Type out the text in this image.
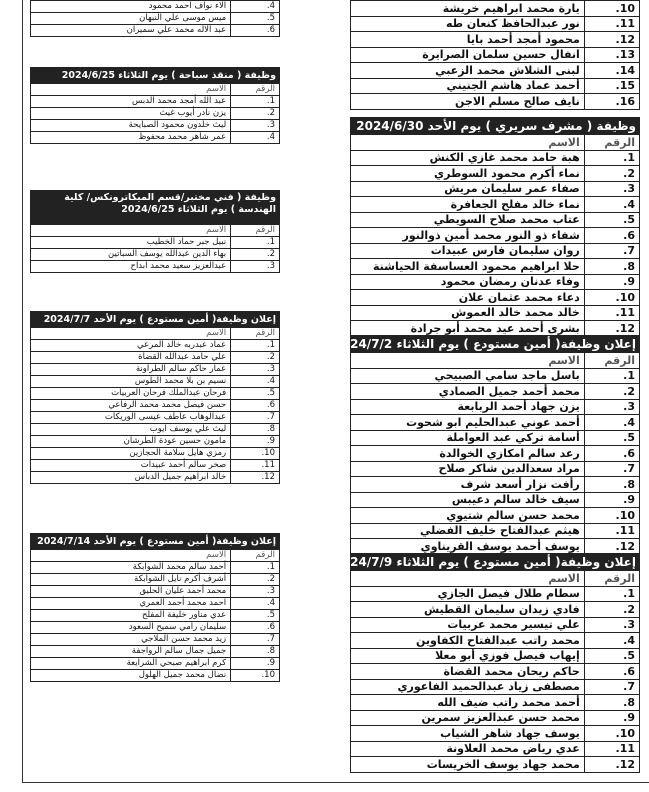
4.	الاء نواف احمد محمود
5.	ميس موسى علي النبهان
6.	عبد الاله محمد علي سميران
وظيفة ( منقذ سباحة ) يوم الثلاثاء 2024/6/25
الرقم	الاسم
1.	عبد الله أمجد محمد الدبس
2.	يزن نادر أيوب غيث
3.	ليث خلدون محمود الصبايحة
4.	عمر شاهر محمد محفوظ
وظيفة ( فني مختبر/قسم الميكاترونكس/ كلية الهندسة ) يوم الثلاثاء 2024/6/25
الرقم	الاسم
1.	نبيل جبر حماد الخطيب
2.	بهاء الدين عبدالله يوسف السباتين
3.	عبدالعزيز سعيد محمد ابداح
إعلان وظيفة( أمين مستودع ) يوم الأحد 2024/7/7
الرقم	الاسم
1.	عماد عبدربه خالد المرعي
2.	علي حامد عبدالله القضاة
3.	عمار حاكم سالم الطراونة
4.	نسيم بن بلا محمد الطوس
5.	فرحان عبدالملك فرحان العربيات
6.	حسن فيصل محمد محمد الرفاعي
7.	عبدالوهاب عاطف عيسى الوريكات
8.	ليث علي يوسف ايوب
9.	مامون حسين عودة الطرشان
10.	رمزي هايل سلامة الحجازين
11.	صخر سالم أحمد عبيدات
12.	خالد ابراهيم جميل الدباس
إعلان وظيفة( أمين مستودع ) يوم الأحد 2024/7/14
الرقم	الاسم
1.	أحمد سالم محمد الشوابكة
2.	أشرف أكرم نايل الشوابكة
3.	محمد أحمد عليان الحليق
4.	احمد محمد أحمد العمري
5.	عدي مناور خليفة المفلح
6.	سليمان رامي سميح السعود
7.	زيد محمد حسن الملاجي
8.	جميل جمال سالم الرواجفة
9.	كرم ابراهيم صبحي الشرايعة
10.	نضال محمد جميل الهلول
10.	يارة محمد ابراهيم خريشة
11.	نور عبدالحافظ كنعان طه
12.	محمود أمجد أحمد بايا
13.	انفال حسين سلمان الصرايرة
14.	لبنى الشلاش محمد الزعبي
15.	أحمد عماد هاشم الجنيني
16.	نايف صالح مسلم الاجن
وظيفة ( مشرف سريري ) يوم الأحد 2024/6/30
الرقم	الاسم
1.	هبة حامد محمد غازي الكنش
2.	نماء أكرم محمود السوطري
3.	صفاء عمر سليمان مريش
4.	نماء خالد مفلح الجعافرة
5.	عتاب محمد صلاح السويطي
6.	شفاء ذو النور محمد أمين ذوالنور
7.	روان سليمان فارس عبيدات
8.	حلا ابراهيم محمود العساسفة الحياشنة
9.	وفاء عدنان رمضان محمود
10.	دعاء محمد عثمان علان
11.	خالد محمد خالد العموش
12.	بشرى أحمد عيد محمد أبو جرادة
إعلان وظيفة( أمين مستودع ) يوم الثلاثاء 2024/7/2
الرقم	الاسم
1.	باسل ماجد سامي الصبيحي
2.	محمد أحمد جميل الصمادي
3.	يزن جهاد أحمد الربابعة
4.	أحمد عوني عبدالحليم ابو شحوت
5.	أسامة تركي عبد العواملة
6.	رعد سالم امكازي الخوالدة
7.	مراد سعدالدين شاكر صلاح
8.	رأفت نزار أسعد شرف
9.	سيف خالد سالم دعيبس
10.	محمد حسن سالم شتيوي
11.	هيثم عبدالفتاح خليف الفضلي
12.	يوسف أحمد يوسف القريناوي
إعلان وظيفة( أمين مستودع ) يوم الثلاثاء 2024/7/9
الرقم	الاسم
1.	سطام طلال فيصل الجازي
2.	فادي زيدان سليمان القطيش
3.	علي تيسير محمد عربيات
4.	محمد راتب عبدالفتاح الكفاوين
5.	إيهاب فيصل فوزي أبو معلا
6.	حاكم ريحان محمد القضاة
7.	مصطفى زياد عبدالحميد الفاعوري
8.	أحمد محمد راتب ضيف الله
9.	محمد حسن عبدالعزيز سمرين
10.	يوسف جهاد شاهر الشياب
11.	عدي رياض محمد العلاونة
12.	محمد جهاد يوسف الخريسات
